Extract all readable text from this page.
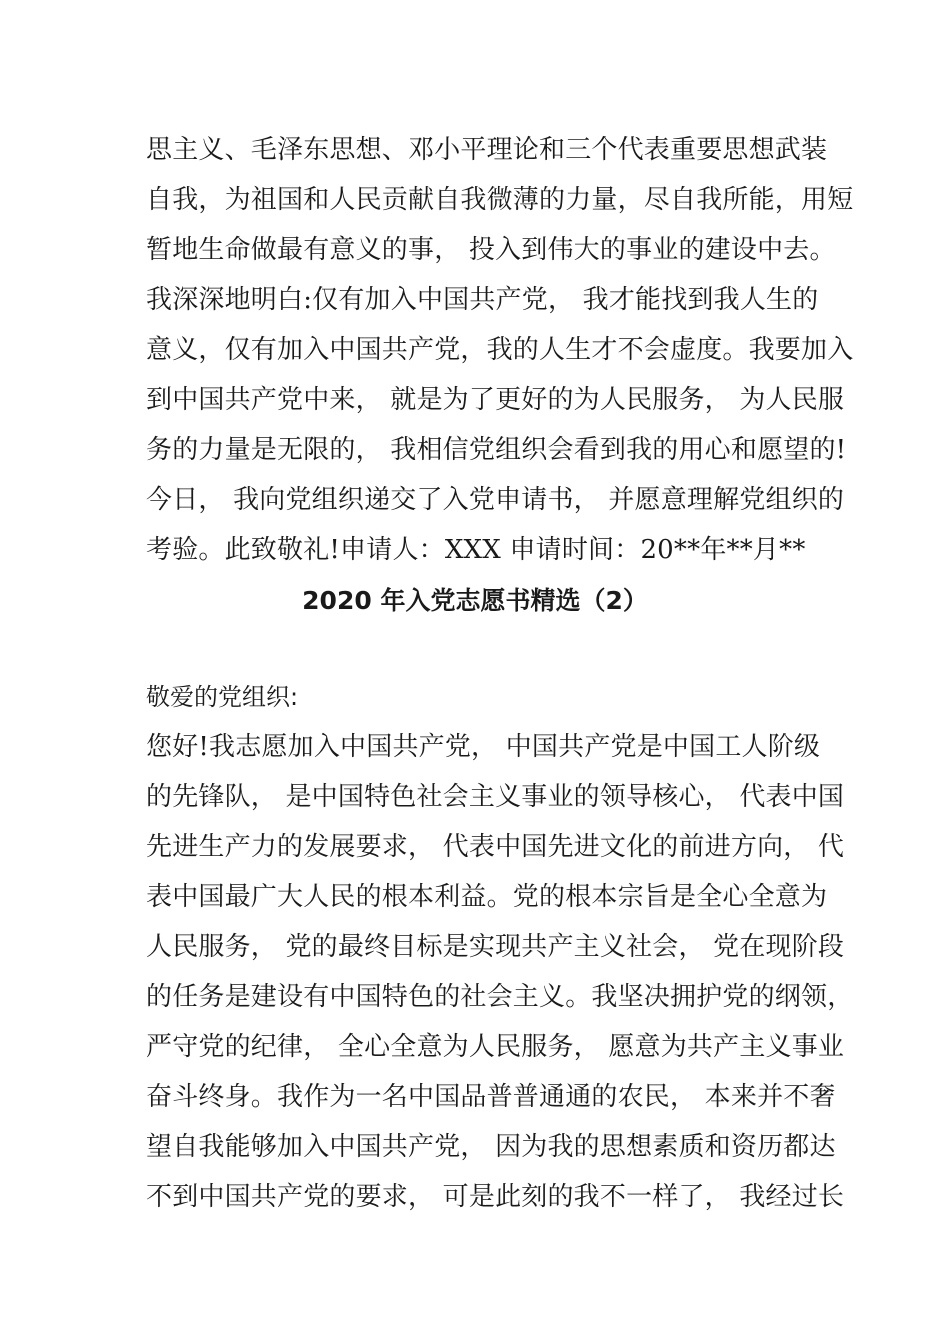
思主义、毛泽东思想、邓小平理论和三个代表重要思想武装

自我，为祖国和人民贡献自我微薄的力量，尽自我所能，用短

暂地生命做最有意义的事， 投入到伟大的事业的建设中去。

我深深地明白:仅有加入中国共产党， 我才能找到我人生的

意义，仅有加入中国共产党，我的人生才不会虚度。我要加入

到中国共产党中来， 就是为了更好的为人民服务， 为人民服

务的力量是无限的， 我相信党组织会看到我的用心和愿望的!

今日， 我向党组织递交了入党申请书， 并愿意理解党组织的

考验。此致敬礼!申请人：XXX 申请时间：20**年**月**

2020 年入党志愿书精选（2）

敬爱的党组织:

您好!我志愿加入中国共产党， 中国共产党是中国工人阶级

的先锋队， 是中国特色社会主义事业的领导核心， 代表中国

先进生产力的发展要求， 代表中国先进文化的前进方向， 代

表中国最广大人民的根本利益。党的根本宗旨是全心全意为

人民服务， 党的最终目标是实现共产主义社会， 党在现阶段

的任务是建设有中国特色的社会主义。我坚决拥护党的纲领，

严守党的纪律， 全心全意为人民服务， 愿意为共产主义事业

奋斗终身。我作为一名中国品普普通通的农民， 本来并不奢

望自我能够加入中国共产党， 因为我的思想素质和资历都达

不到中国共产党的要求， 可是此刻的我不一样了， 我经过长
